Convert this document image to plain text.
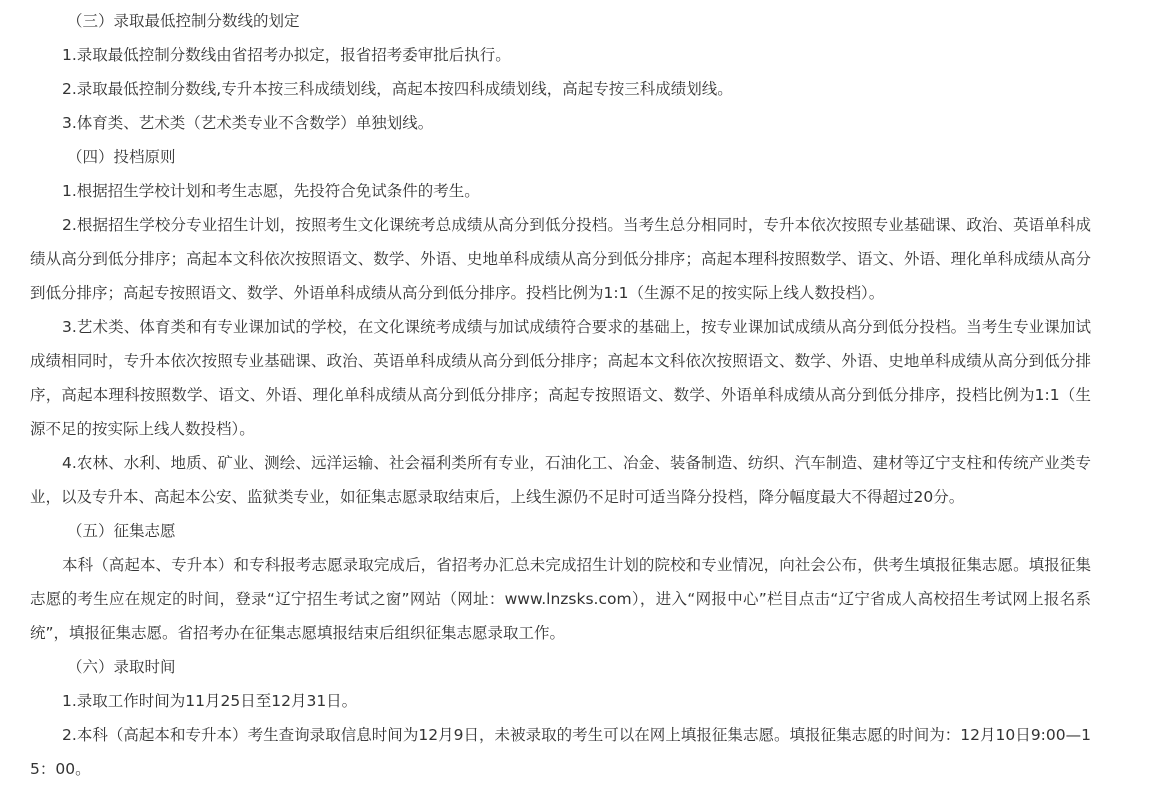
（三）录取最低控制分数线的划定

1.录取最低控制分数线由省招考办拟定，报省招考委审批后执行。

2.录取最低控制分数线,专升本按三科成绩划线，高起本按四科成绩划线，高起专按三科成绩划线。

3.体育类、艺术类（艺术类专业不含数学）单独划线。

（四）投档原则

1.根据招生学校计划和考生志愿，先投符合免试条件的考生。

2.根据招生学校分专业招生计划，按照考生文化课统考总成绩从高分到低分投档。当考生总分相同时，专升本依次按照专业基础课、政治、英语单科成绩从高分到低分排序；高起本文科依次按照语文、数学、外语、史地单科成绩从高分到低分排序；高起本理科按照数学、语文、外语、理化单科成绩从高分到低分排序；高起专按照语文、数学、外语单科成绩从高分到低分排序。投档比例为1:1（生源不足的按实际上线人数投档）。

3.艺术类、体育类和有专业课加试的学校，在文化课统考成绩与加试成绩符合要求的基础上，按专业课加试成绩从高分到低分投档。当考生专业课加试成绩相同时，专升本依次按照专业基础课、政治、英语单科成绩从高分到低分排序；高起本文科依次按照语文、数学、外语、史地单科成绩从高分到低分排序，高起本理科按照数学、语文、外语、理化单科成绩从高分到低分排序；高起专按照语文、数学、外语单科成绩从高分到低分排序，投档比例为1:1（生源不足的按实际上线人数投档）。

4.农林、水利、地质、矿业、测绘、远洋运输、社会福利类所有专业，石油化工、冶金、装备制造、纺织、汽车制造、建材等辽宁支柱和传统产业类专业，以及专升本、高起本公安、监狱类专业，如征集志愿录取结束后，上线生源仍不足时可适当降分投档，降分幅度最大不得超过20分。

（五）征集志愿

本科（高起本、专升本）和专科报考志愿录取完成后，省招考办汇总未完成招生计划的院校和专业情况，向社会公布，供考生填报征集志愿。填报征集志愿的考生应在规定的时间，登录“辽宁招生考试之窗”网站（网址：www.lnzsks.com），进入“网报中心”栏目点击“辽宁省成人高校招生考试网上报名系统”，填报征集志愿。省招考办在征集志愿填报结束后组织征集志愿录取工作。

（六）录取时间

1.录取工作时间为11月25日至12月31日。

2.本科（高起本和专升本）考生查询录取信息时间为12月9日，未被录取的考生可以在网上填报征集志愿。填报征集志愿的时间为：12月10日9:00—15：00。
